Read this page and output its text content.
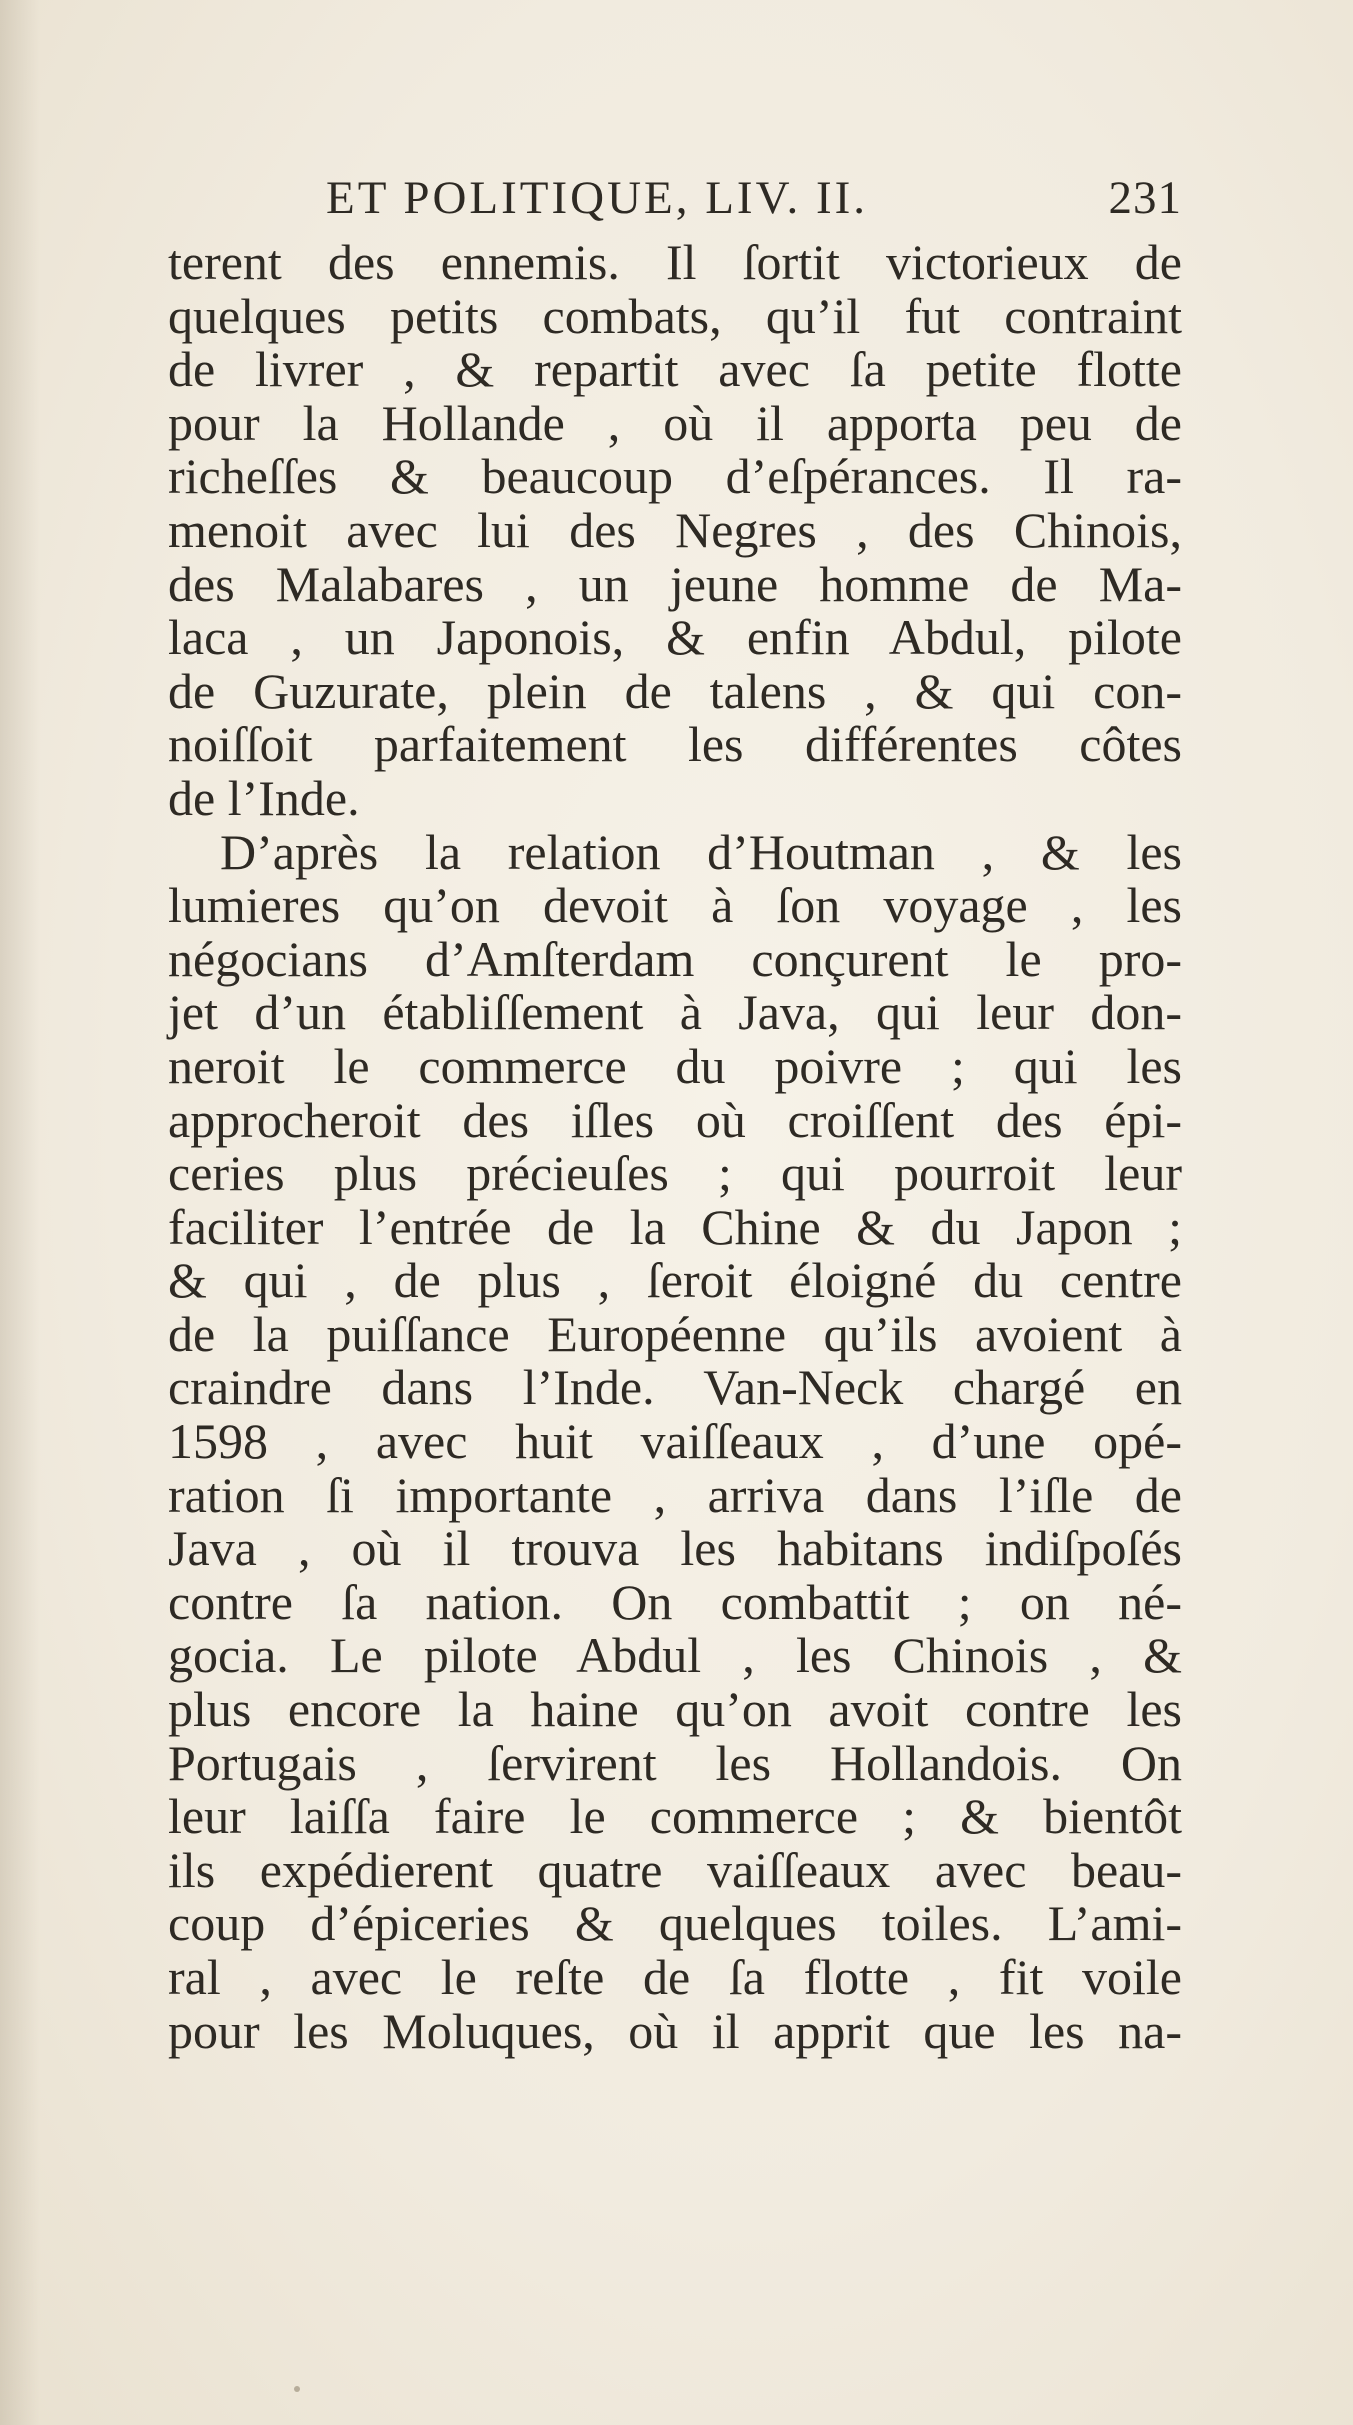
ET POLITIQUE, LIV. II.	231
terent des ennemis. Il ſortit victorieux de
quelques petits combats, qu’il fut contraint
de livrer , & repartit avec ſa petite flotte
pour la Hollande , où il apporta peu de
richeſſes & beaucoup d’eſpérances. Il ra-
menoit avec lui des Negres , des Chinois,
des Malabares , un jeune homme de Ma-
laca , un Japonois, & enfin Abdul, pilote
de Guzurate, plein de talens , & qui con-
noiſſoit parfaitement les différentes côtes
de l’Inde.
D’après la relation d’Houtman , & les
lumieres qu’on devoit à ſon voyage , les
négocians d’Amſterdam conçurent le pro-
jet d’un établiſſement à Java, qui leur don-
neroit le commerce du poivre ; qui les
approcheroit des iſles où croiſſent des épi-
ceries plus précieuſes ; qui pourroit leur
faciliter l’entrée de la Chine & du Japon ;
& qui , de plus , ſeroit éloigné du centre
de la puiſſance Européenne qu’ils avoient à
craindre dans l’Inde. Van-Neck chargé en
1598 , avec huit vaiſſeaux , d’une opé-
ration ſi importante , arriva dans l’iſle de
Java , où il trouva les habitans indiſpoſés
contre ſa nation. On combattit ; on né-
gocia. Le pilote Abdul , les Chinois , &
plus encore la haine qu’on avoit contre les
Portugais , ſervirent les Hollandois. On
leur laiſſa faire le commerce ; & bientôt
ils expédierent quatre vaiſſeaux avec beau-
coup d’épiceries & quelques toiles. L’ami-
ral , avec le reſte de ſa flotte , fit voile
pour les Moluques, où il apprit que les na-
